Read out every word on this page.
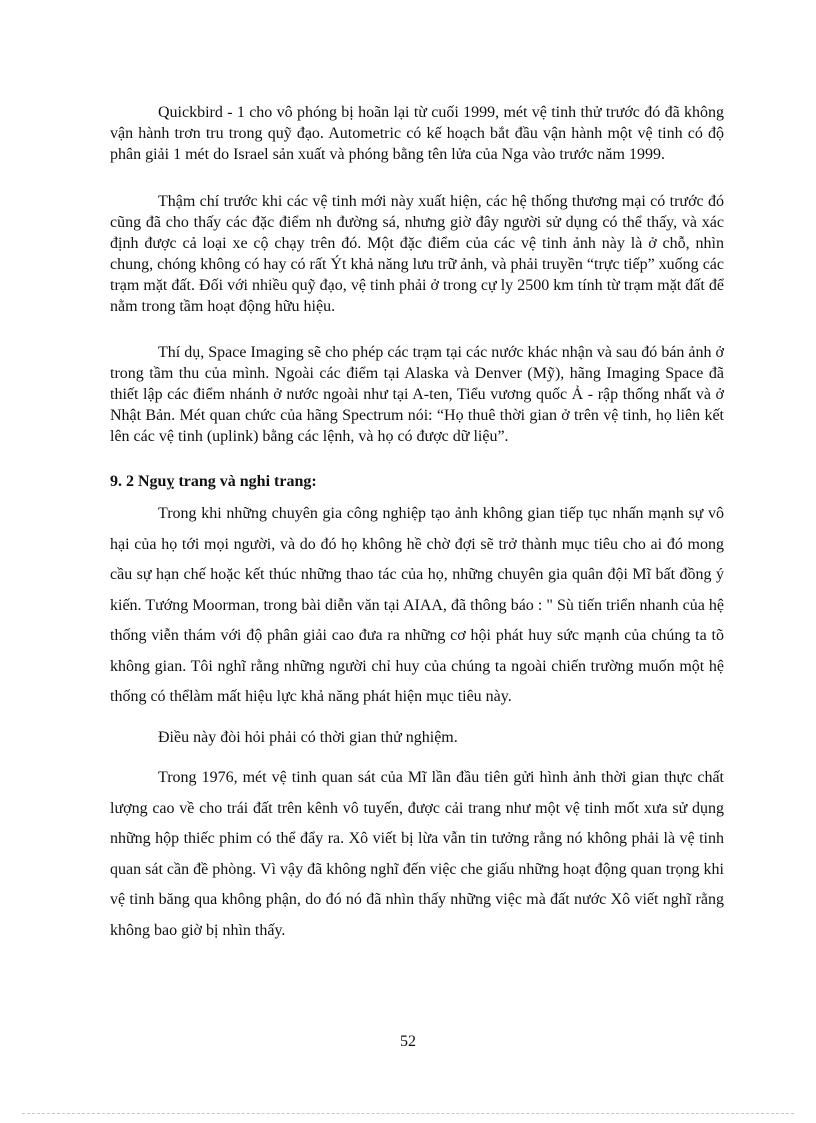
Quickbird - 1 cho vô phóng bị hoãn lại từ cuối 1999, mét vệ tinh thử trước đó đã không vận hành trơn tru trong quỹ đạo. Autometric có kế hoạch bắt đầu vận hành một vệ tinh có độ phân giải 1 mét do Israel sản xuất và phóng bằng tên lửa của Nga vào trước năm 1999.

Thậm chí trước khi các vệ tinh mới này xuất hiện, các hệ thống thương mại có trước đó cũng đã cho thấy các đặc điểm nh đường sá, nhưng giờ đây người sử dụng có thể thấy, và xác định được cả loại xe cộ chạy trên đó. Một đặc điểm của các vệ tinh ảnh này là ở chỗ, nhìn chung, chóng không có hay có rất Ýt khả năng lưu trữ ảnh, và phải truyền “trực tiếp” xuống các trạm mặt đất. Đối với nhiều quỹ đạo, vệ tinh phải ở trong cự ly 2500 km tính từ trạm mặt đất để nằm trong tầm hoạt động hữu hiệu.

Thí dụ, Space Imaging sẽ cho phép các trạm tại các nước khác nhận và sau đó bán ảnh ở trong tầm thu của mình. Ngoài các điểm tại Alaska và Denver (Mỹ), hãng Imaging Space đã thiết lập các điểm nhánh ở nước ngoài như tại A-ten, Tiểu vương quốc Ả - rập thống nhất và ở Nhật Bản. Mét quan chức của hãng Spectrum nói: “Họ thuê thời gian ở trên vệ tinh, họ liên kết lên các vệ tinh (uplink) bằng các lệnh, và họ có được dữ liệu”.

9. 2 Nguỵ trang và nghi trang:

Trong khi những chuyên gia công nghiệp tạo ảnh không gian tiếp tục nhấn mạnh sự vô hại của họ tới mọi người, và do đó họ không hề chờ đợi sẽ trở thành mục tiêu cho ai đó mong cầu sự hạn chế hoặc kết thúc những thao tác của họ, những chuyên gia quân đội Mĩ bất đồng ý kiến. Tướng Moorman, trong bài diễn văn tại AIAA, đã thông báo : " Sù tiến triển nhanh của hệ thống viễn thám với độ phân giải cao đưa ra những cơ hội phát huy sức mạnh của chúng ta tõ không gian. Tôi nghĩ rằng những người chỉ huy của chúng ta ngoài chiến trường muốn một hệ thống có thểlàm mất hiệu lực khả năng phát hiện mục tiêu này.

Điều này đòi hỏi phải có thời gian thử nghiệm.

Trong 1976, mét vệ tinh quan sát của Mĩ lần đầu tiên gửi hình ảnh thời gian thực chất lượng cao về cho trái đất trên kênh vô tuyến, được cải trang như một vệ tinh mốt xưa sử dụng những hộp thiếc phim có thể đẩy ra. Xô viết bị lừa vẫn tin tưởng rằng nó không phải là vệ tinh quan sát cần đề phòng. Vì vậy đã không nghĩ đến việc che giấu những hoạt động quan trọng khi vệ tinh băng qua không phận, do đó nó đã nhìn thấy những việc mà đất nước Xô viết nghĩ rằng không bao giờ bị nhìn thấy.

52
